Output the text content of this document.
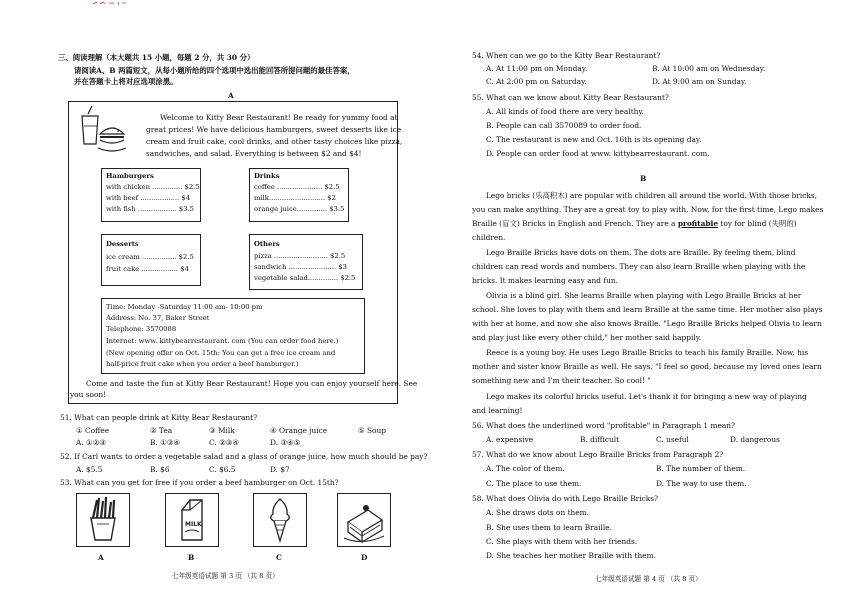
三、阅读理解（本大题共 15 小题，每题 2 分，共 30 分）
请阅读A、B 两篇短文，从每小题所给的四个选项中选出能回答所提问题的最佳答案，
并在答题卡上将对应选项涂黑。
A
Welcome to Kitty Bear Restaurant! Be ready for yummy food at
great prices! We have delicious hamburgers, sweet desserts like ice
cream and fruit cake, cool drinks, and other tasty choices like pizza,
sandwiches, and salad. Everything is between $2 and $4!
Hamburgers
with chicken .............. $2.5
with beef .................. $4
with fish .................. $3.5
Drinks
coffee ..................... $2.5
milk.......................... $2
orange juice.............. $3.5
Desserts
ice cream ................ $2.5
fruit cake ................. $4
Others
pizza ......................... $2.5
sandwich ...................... $3
vegetable salad.............. $2.5
Time: Monday -Saturday 11:00 am- 10:00 pm
Address: No. 37, Baker Street
Telephone: 3570088
Internet: www. kittybearrestaurant. com (You can order food here.)
(New opening offer on Oct. 15th: You can get a free ice cream and
half-price fruit cake when you order a beef hamburger.)
Come and taste the fun at Kitty Bear Restaurant! Hope you can enjoy yourself here. See
you soon!
51. What can people drink at Kitty Bear Restaurant?
① Coffee	② Tea	③ Milk	④ Orange juice	⑤ Soup
A. ①②③	B. ①③④	C. ②③④	D. ③④⑤
52. If Carl wants to order a vegetable salad and a glass of orange juice, how much should be pay?
A. $5.5	B. $6	C. $6.5	D. $7
53. What can you get for free if you order a beef hamburger on Oct. 15th?
MILK
A	B	C	D
七年级英语试题 第 3 页 （共 8 页）
54. When can we go to the Kitty Bear Restaurant?
A. At 11:00 pm on Monday.	B. At 10:00 am on Wednesday.
C. At 2:00 pm on Saturday.	D. At 9:00 am on Sunday.
55. What can we know about Kitty Bear Restaurant?
A. All kinds of food there are very healthy.
B. People can call 3570089 to order food.
C. The restaurant is new and Oct. 16th is its opening day.
D. People can order food at www. kittybearrestaurant. com.
B
Lego bricks (乐高积木) are popular with children all around the world. With those bricks,
you can make anything. They are a great toy to play with. Now, for the first time, Lego makes
Braille (盲文) Bricks in English and French. They are a profitable toy for blind (失明的)
children.
Lego Braille Bricks have dots on them. The dots are Braille. By feeling them, blind
children can read words and numbers. They can also learn Braille when playing with the
bricks. It makes learning easy and fun.
Olivia is a blind girl. She learns Braille when playing with Lego Braille Bricks at her
school. She loves to play with them and learn Braille at the same time. Her mother also plays
with her at home, and now she also knows Braille. "Lego Braille Bricks helped Olivia to learn
and play just like every other child," her mother said happily.
Reece is a young boy. He uses Lego Braille Bricks to teach his family Braille. Now, his
mother and sister know Braille as well. He says, "I feel so good, because my loved ones learn
something new and I'm their teacher. So cool! "
Lego makes its colorful bricks useful. Let's thank it for bringing a new way of playing
and learning!
56. What does the underlined word "profitable" in Paragraph 1 mean?
A. expensive	B. difficult	C. useful	D. dangerous
57. What do we know about Lego Braille Bricks from Paragraph 2?
A. The color of them.	B. The number of them.
C. The place to use them.	D. The way to use them.
58. What does Olivia do with Lego Braille Bricks?
A. She draws dots on them.
B. She uses them to learn Braille.
C. She plays with them with her friends.
D. She teaches her mother Braille with them.
七年级英语试题 第 4 页 （共 8 页）
